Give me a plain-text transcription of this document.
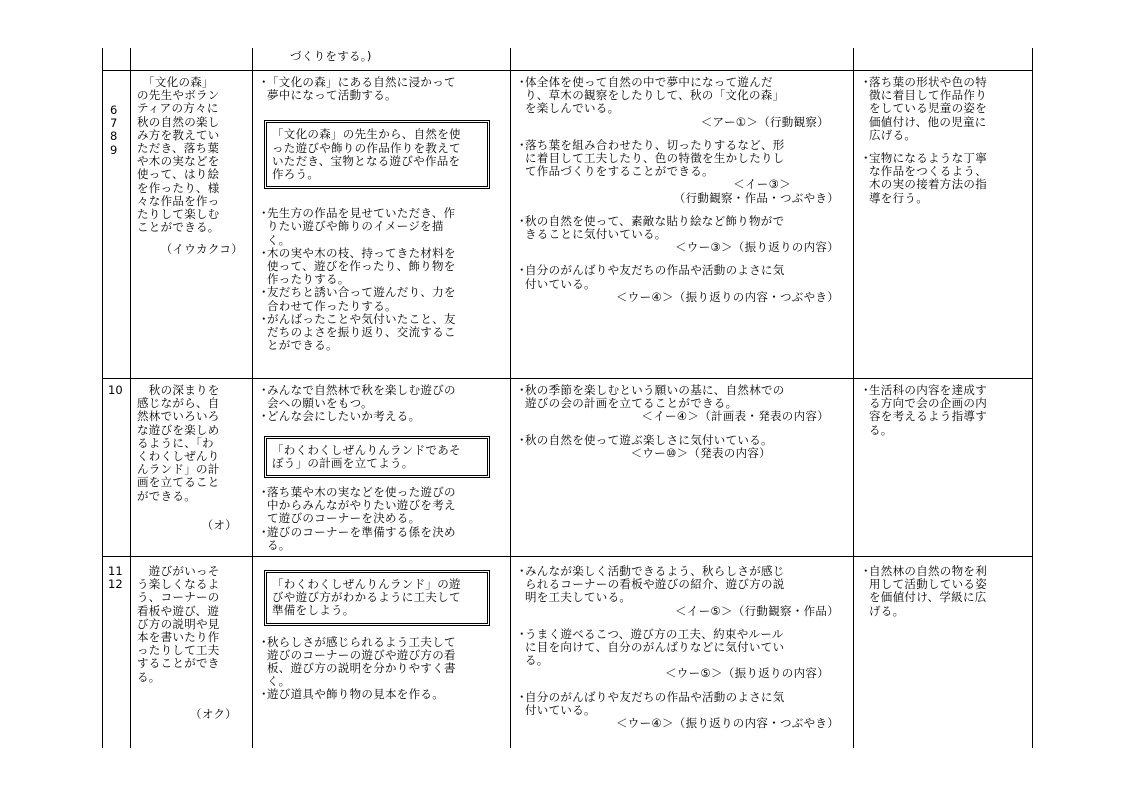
づくりをする。)
6
7
8
9
　「文化の森」
の先生やボラン
ティアの方々に
秋の自然の楽し
み方を教えてい
ただき、落ち葉
や木の実などを
使って、はり絵
を作ったり、様
々な作品を作っ
たりして楽しむ
ことができる。
（イウカクコ）
・
「文化の森」にある自然に浸かって
夢中になって活動する。
「文化の森」の先生から、自然を使
った遊びや飾りの作品作りを教えて
いただき、宝物となる遊びや作品を
作ろう。
・
先生方の作品を見せていただき、作
りたい遊びや飾りのイメージを描
く。
・
木の実や木の枝、持ってきた材料を
使って、遊びを作ったり、飾り物を
作ったりする。
・
友だちと誘い合って遊んだり、力を
合わせて作ったりする。
・
がんばったことや気付いたこと、友
だちのよさを振り返り、交流するこ
とができる。
・
体全体を使って自然の中で夢中になって遊んだ
り、草木の観察をしたりして、秋の「文化の森」
を楽しんでいる。
＜アー①＞（行動観察）
・
落ち葉を組み合わせたり、切ったりするなど、形
に着目して工夫したり、色の特徴を生かしたりし
て作品づくりをすることができる。
＜イー③＞
（行動観察・作品・つぶやき）
・
秋の自然を使って、素敵な貼り絵など飾り物がで
きることに気付いている。
＜ウー③＞（振り返りの内容）
・
自分のがんばりや友だちの作品や活動のよさに気
付いている。
＜ウー④＞（振り返りの内容・つぶやき）
・
落ち葉の形状や色の特
徴に着目して作品作り
をしている児童の姿を
価値付け、他の児童に
広げる。
・
宝物になるような丁寧
な作品をつくるよう、
木の実の接着方法の指
導を行う。
10	　秋の深まりを
感じながら、自
然林でいろいろ
な遊びを楽しめ
るように、「わ
くわくしぜんり
んランド」の計
画を立てること
ができる。
（オ）
・
みんなで自然林で秋を楽しむ遊びの
会への願いをもつ。
・
どんな会にしたいか考える。
「わくわくしぜんりんランドであそ
ぼう」の計画を立てよう。
・
落ち葉や木の実などを使った遊びの
中からみんながやりたい遊びを考え
て遊びのコーナーを決める。
・
遊びのコーナーを準備する係を決め
る。
・
秋の季節を楽しむという願いの基に、自然林での
遊びの会の計画を立てることができる。
＜イー④＞（計画表・発表の内容）
・
秋の自然を使って遊ぶ楽しさに気付いている。
＜ウー⑩＞（発表の内容）
・
生活科の内容を達成す
る方向で会の企画の内
容を考えるよう指導す
る。
11
12
　遊びがいっそ
う楽しくなるよ
う、コーナーの
看板や遊び、遊
び方の説明や見
本を書いたり作
ったりして工夫
することができ
る。
（オク）
「わくわくしぜんりんランド」の遊
びや遊び方がわかるように工夫して
準備をしよう。
・
秋らしさが感じられるよう工夫して
遊びのコーナーの遊びや遊び方の看
板、遊び方の説明を分かりやすく書
く。
・
遊び道具や飾り物の見本を作る。
・
みんなが楽しく活動できるよう、秋らしさが感じ
られるコーナーの看板や遊びの紹介、遊び方の説
明を工夫している。
＜イー⑤＞（行動観察・作品）
・
うまく遊べるこつ、遊び方の工夫、約束やルール
に目を向けて、自分のがんばりなどに気付いてい
る。
＜ウー⑤＞（振り返りの内容）
・
自分のがんばりや友だちの作品や活動のよさに気
付いている。
＜ウー④＞（振り返りの内容・つぶやき）
・
自然林の自然の物を利
用して活動している姿
を価値付け、学級に広
げる。
